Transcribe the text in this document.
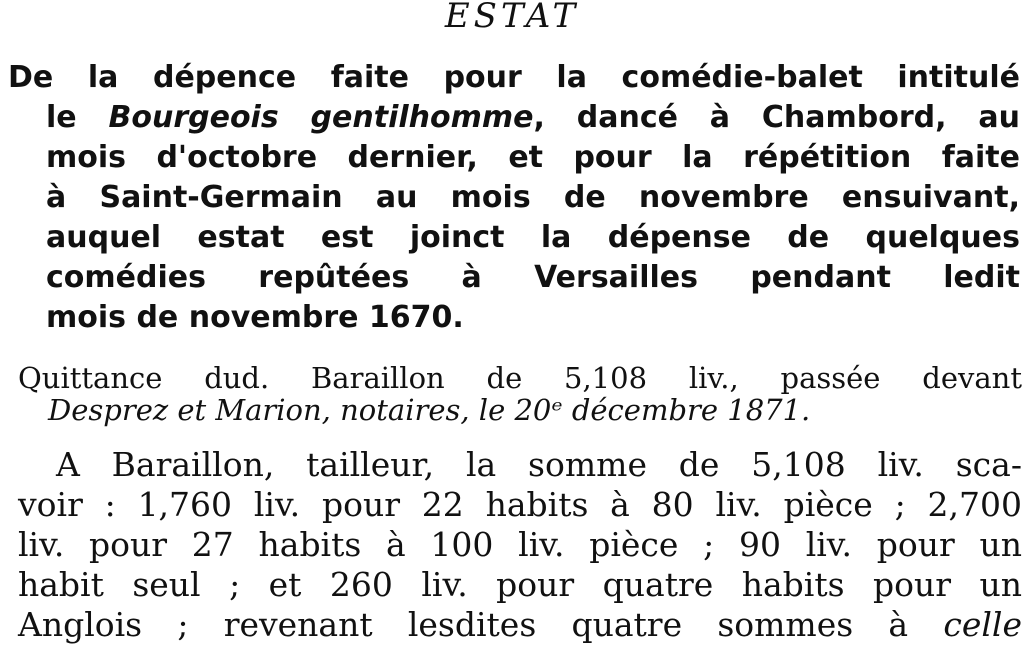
ESTAT
De la dépence faite pour la comédie-balet intitulé
le Bourgeois gentilhomme, dancé à Chambord, au
mois d'octobre dernier, et pour la répétition faite
à Saint-Germain au mois de novembre ensuivant,
auquel estat est joinct la dépense de quelques
comédies repûtées à Versailles pendant ledit
mois de novembre 1670.
Quittance dud. Baraillon de 5,108 liv., passée devant
Desprez et Marion, notaires, le 20ᵉ décembre 1871.
A Baraillon, tailleur, la somme de 5,108 liv. sca-
voir : 1,760 liv. pour 22 habits à 80 liv. pièce ; 2,700
liv. pour 27 habits à 100 liv. pièce ; 90 liv. pour un
habit seul ; et 260 liv. pour quatre habits pour un
Anglois ; revenant lesdites quatre sommes à celle
